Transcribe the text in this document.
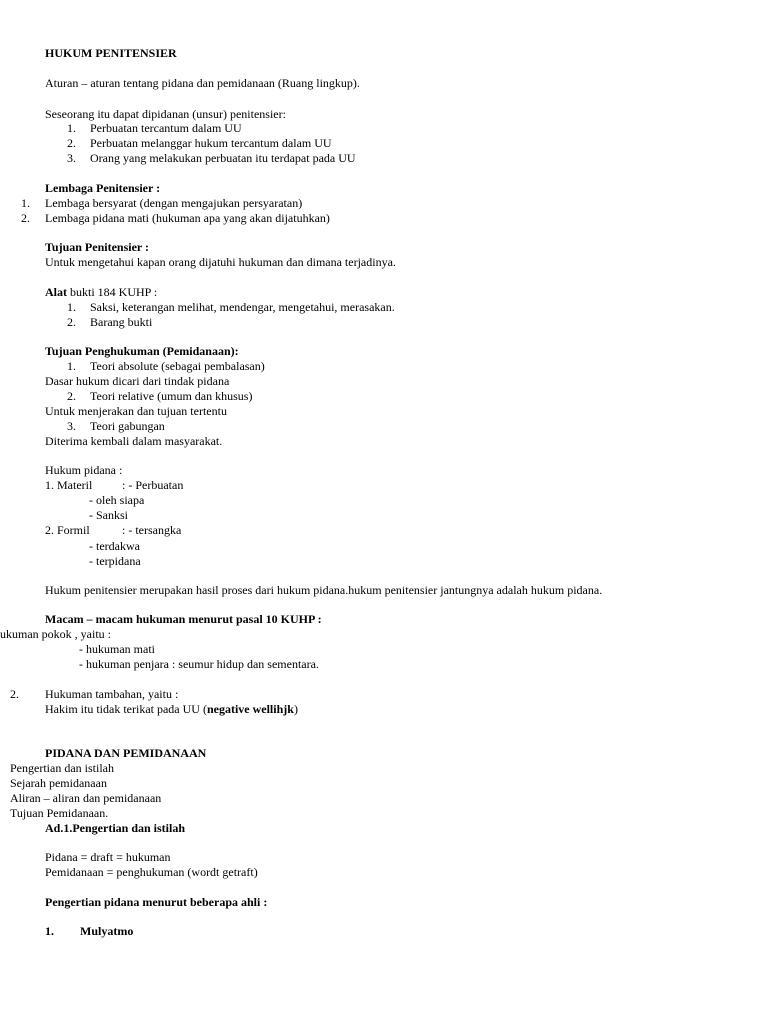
HUKUM PENITENSIER
Aturan – aturan tentang pidana dan pemidanaan (Ruang lingkup).
Seseorang itu dapat dipidanan (unsur) penitensier:
1. Perbuatan tercantum dalam UU
2. Perbuatan melanggar hukum tercantum dalam UU
3. Orang yang melakukan perbuatan itu terdapat pada UU
Lembaga Penitensier :
1. Lembaga bersyarat (dengan mengajukan persyaratan)
2. Lembaga pidana mati (hukuman apa yang akan dijatuhkan)
Tujuan Penitensier :
Untuk mengetahui kapan orang dijatuhi hukuman dan dimana terjadinya.
Alat bukti 184 KUHP :
1. Saksi, keterangan melihat, mendengar, mengetahui, merasakan.
2. Barang bukti
Tujuan Penghukuman (Pemidanaan):
1. Teori absolute (sebagai pembalasan)
Dasar hukum dicari dari tindak pidana
2. Teori relative (umum dan khusus)
Untuk menjerakan dan tujuan tertentu
3. Teori gabungan
Diterima kembali dalam masyarakat.
Hukum pidana :
1. Materil : - Perbuatan
- oleh siapa
- Sanksi
2. Formil	: - tersangka
- terdakwa
- terpidana
Hukum penitensier merupakan hasil proses dari hukum pidana.hukum penitensier jantungnya adalah hukum pidana.
Macam – macam hukuman menurut pasal 10 KUHP :
ukuman pokok , yaitu :
- hukuman mati
- hukuman penjara : seumur hidup dan sementara.
2. Hukuman tambahan, yaitu :
Hakim itu tidak terikat pada UU (negative wellihjk)
PIDANA DAN PEMIDANAAN
Pengertian dan istilah
Sejarah pemidanaan
Aliran – aliran dan pemidanaan
Tujuan Pemidanaan.
Ad.1.Pengertian dan istilah
Pidana = draft = hukuman
Pemidanaan = penghukuman (wordt getraft)
Pengertian pidana menurut beberapa ahli :
1. Mulyatmo
